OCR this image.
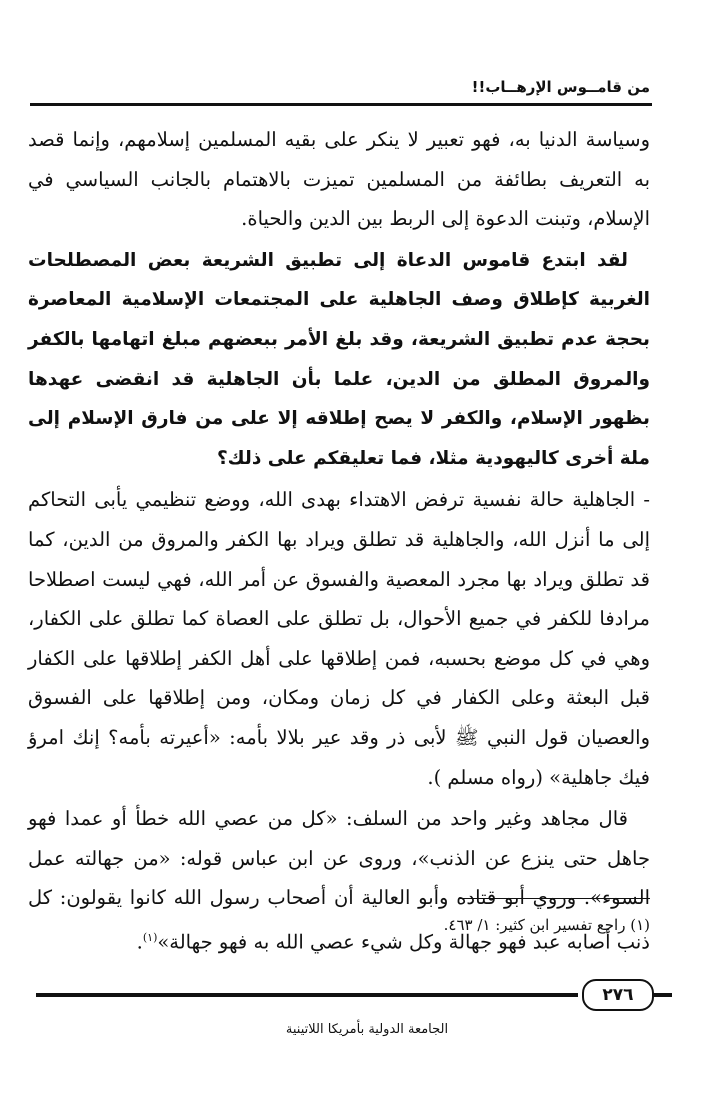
من قامــوس الإرهــاب!!

وسياسة الدنيا به، فهو تعبير لا ينكر على بقيه المسلمين إسلامهم، وإنما قصد به التعريف بطائفة من المسلمين تميزت بالاهتمام بالجانب السياسي في الإسلام، وتبنت الدعوة إلى الربط بين الدين والحياة.

لقد ابتدع قاموس الدعاة إلى تطبيق الشريعة بعض المصطلحات الغربية كإطلاق وصف الجاهلية على المجتمعات الإسلامية المعاصرة بحجة عدم تطبيق الشريعة، وقد بلغ الأمر ببعضهم مبلغ اتهامها بالكفر والمروق المطلق من الدين، علما بأن الجاهلية قد انقضى عهدها بظهور الإسلام، والكفر لا يصح إطلاقه إلا على من فارق الإسلام إلى ملة أخرى كاليهودية مثلا، فما تعليقكم على ذلك؟

- الجاهلية حالة نفسية ترفض الاهتداء بهدى الله، ووضع تنظيمي يأبى التحاكم إلى ما أنزل الله، والجاهلية قد تطلق ويراد بها الكفر والمروق من الدين، كما قد تطلق ويراد بها مجرد المعصية والفسوق عن أمر الله، فهي ليست اصطلاحا مرادفا للكفر في جميع الأحوال، بل تطلق على العصاة كما تطلق على الكفار، وهي في كل موضع بحسبه، فمن إطلاقها على أهل الكفر إطلاقها على الكفار قبل البعثة وعلى الكفار في كل زمان ومكان، ومن إطلاقها على الفسوق والعصيان قول النبي ﷺ لأبى ذر وقد عير بلالا بأمه: «أعيرته بأمه؟ إنك امرؤ فيك جاهلية» (رواه مسلم ).

قال مجاهد وغير واحد من السلف: «كل من عصي الله خطأ أو عمدا فهو جاهل حتى ينزع عن الذنب»، وروى عن ابن عباس قوله: «من جهالته عمل السوء». وروي أبو قتاده وأبو العالية أن أصحاب رسول الله كانوا يقولون: كل ذنب أصابه عبد فهو جهالة وكل شيء عصي الله به فهو جهالة»$^{(١)}$.

(١) راجع تفسير ابن كثير: ١/ ٤٦٣.
٢٧٦
الجامعة الدولية بأمريكا اللاتينية
